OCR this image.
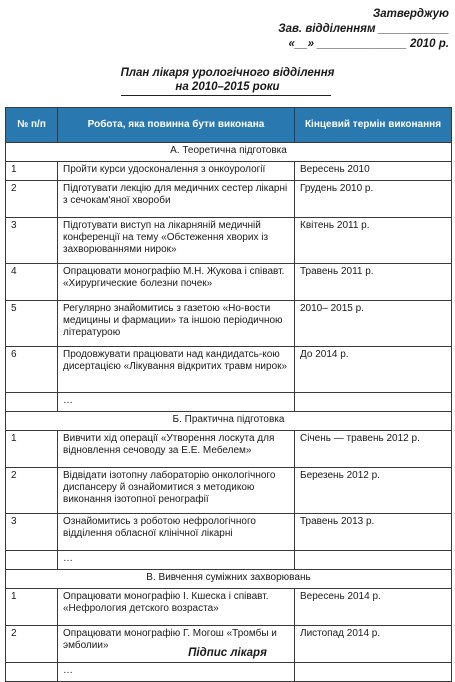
Затверджую
Зав. відділенням ___________
«__» ______________ 2010 р.
План лікаря урологічного відділення
на 2010–2015 роки
№ п/п	Робота, яка повинна бути виконана	Кінцевий термін виконання
А. Теоретична підготовка		
1	Пройти курси удосконалення з онкоурології	Вересень 2010
2	Підготувати лекцію для медичних сестер лікарні з сечокам'яної хвороби	Грудень 2010 р.
3	Підготувати виступ на лікарняній медичній конференції на тему «Обстеження хворих із захворюваннями нирок»	Квітень 2011 р.
4	Опрацювати монографію М.Н. Жукова і співавт. «Хирургические болезни почек»	Травень 2011 р.
5	Регулярно знайомитись з газетою «Но-вости медицины и фармации» та іншою періодичною літературою	2010– 2015 р.
6	Продовжувати працювати над кандидатсь-кою дисертацією «Лікування відкритих травм нирок»	До 2014 р.
	…	
Б. Практична підготовка		
1	Вивчити хід операції «Утворення лоскута для відновлення сечоводу за Е.Е. Мебелем»	Січень — травень 2012 р.
2	Відвідати ізотопну лабораторію онкологічного диспансеру й ознайомитися з методикою виконання ізотопної ренографії	Березень 2012 р.
3	Ознайомитись з роботою нефрологічного відділення обласної клінічної лікарні	Травень 2013 р.
	…	
В. Вивчення суміжних захворювань		
1	Опрацювати монографію І. Кшеска і співавт. «Нефрология детского возраста»	Вересень 2014 р.
2	Опрацювати монографію Г. Могош «Тромбы и эмболии»	Листопад 2014 р.
	…	
Підпис лікаря
